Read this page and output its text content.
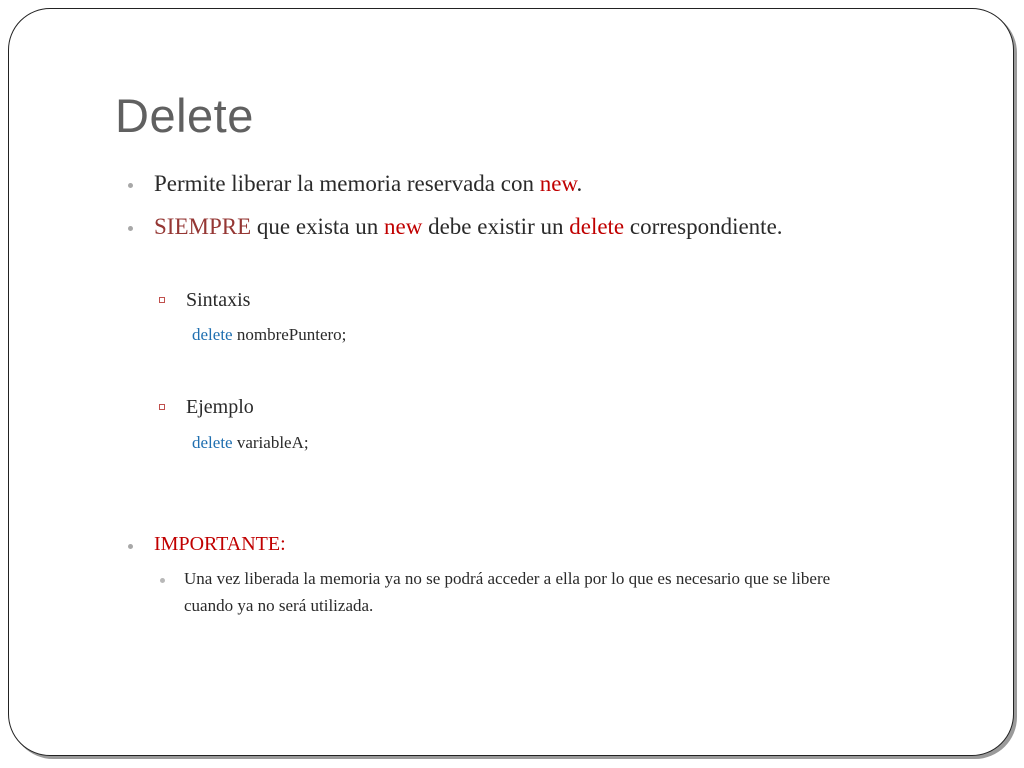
Delete
Permite liberar la memoria reservada con new.
SIEMPRE que exista un new debe existir un delete correspondiente.
Sintaxis
delete nombrePuntero;
Ejemplo
delete variableA;
IMPORTANTE:
Una vez liberada la memoria ya no se podrá acceder a ella por lo que es necesario que se libere
cuando ya no será utilizada.
